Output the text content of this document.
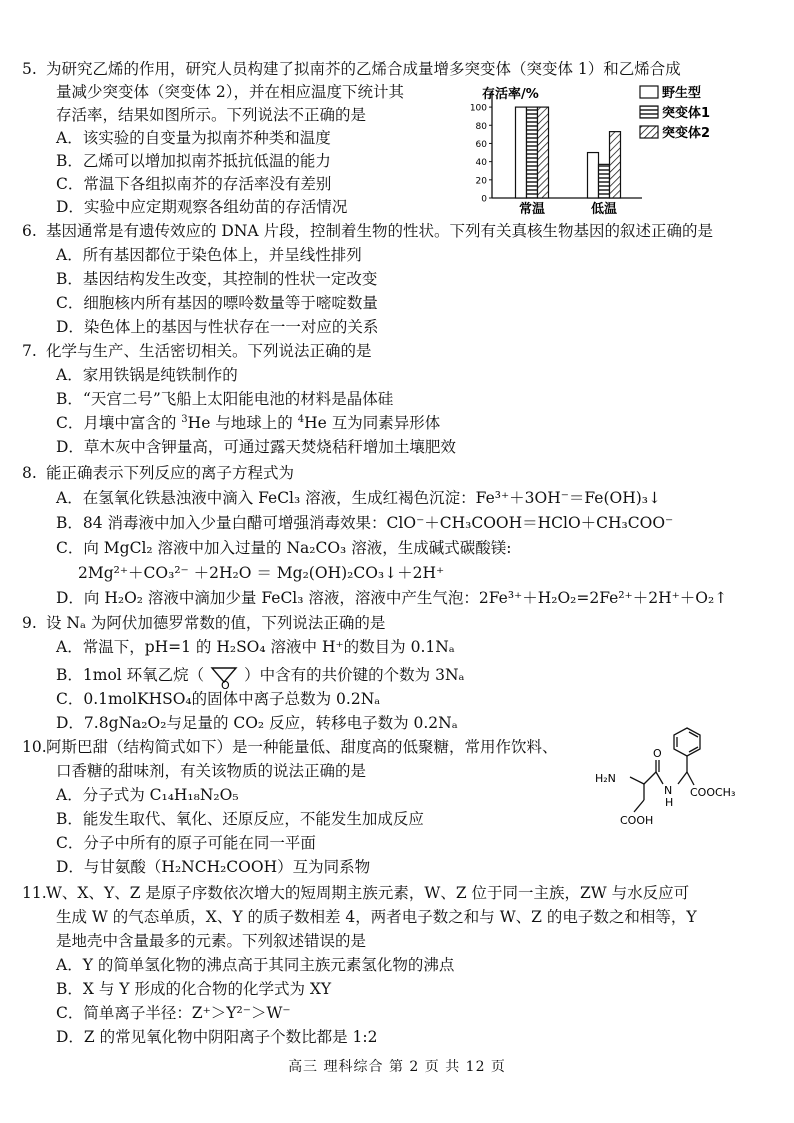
5. 为研究乙烯的作用，研究人员构建了拟南芥的乙烯合成量增多突变体（突变体 1）和乙烯合成
量减少突变体（突变体 2），并在相应温度下统计其
存活率，结果如图所示。下列说法不正确的是
A．该实验的自变量为拟南芥种类和温度
B．乙烯可以增加拟南芥抵抗低温的能力
C．常温下各组拟南芥的存活率没有差别
D．实验中应定期观察各组幼苗的存活情况
存活率/%
0
20
40
60
80
100
常温	低温
野生型
突变体1
突变体2
6. 基因通常是有遗传效应的 DNA 片段，控制着生物的性状。下列有关真核生物基因的叙述正确的是
A．所有基因都位于染色体上，并呈线性排列
B．基因结构发生改变，其控制的性状一定改变
C．细胞核内所有基因的嘌呤数量等于嘧啶数量
D．染色体上的基因与性状存在一一对应的关系
7. 化学与生产、生活密切相关。下列说法正确的是
A．家用铁锅是纯铁制作的
B．“天宫二号”飞船上太阳能电池的材料是晶体硅
C．月壤中富含的 $^3$He 与地球上的 $^4$He 互为同素异形体
D．草木灰中含钾量高，可通过露天焚烧秸秆增加土壤肥效
8. 能正确表示下列反应的离子方程式为
A．在氢氧化铁悬浊液中滴入 FeCl₃ 溶液，生成红褐色沉淀：Fe³⁺＋3OH⁻＝Fe(OH)₃↓
B．84 消毒液中加入少量白醋可增强消毒效果：ClO⁻＋CH₃COOH＝HClO＋CH₃COO⁻
C．向 MgCl₂ 溶液中加入过量的 Na₂CO₃ 溶液，生成碱式碳酸镁:
2Mg²⁺＋CO₃²⁻ ＋2H₂O ＝ Mg₂(OH)₂CO₃↓＋2H⁺
D．向 H₂O₂ 溶液中滴加少量 FeCl₃ 溶液，溶液中产生气泡：2Fe³⁺＋H₂O₂=2Fe²⁺＋2H⁺＋O₂↑
9. 设 Nₐ 为阿伏加德罗常数的值，下列说法正确的是
A．常温下，pH=1 的 H₂SO₄ 溶液中 H⁺的数目为 0.1Nₐ
B．1mol 环氧乙烷（
O
）中含有的共价键的个数为 3Nₐ
C．0.1molKHSO₄的固体中离子总数为 0.2Nₐ
D．7.8gNa₂O₂与足量的 CO₂ 反应，转移电子数为 0.2Nₐ
10. 阿斯巴甜（结构简式如下）是一种能量低、甜度高的低聚糖，常用作饮料、
口香糖的甜味剂，有关该物质的说法正确的是
A．分子式为 C₁₄H₁₈N₂O₅
B．能发生取代、氧化、还原反应，不能发生加成反应
C．分子中所有的原子可能在同一平面
D．与甘氨酸（H₂NCH₂COOH）互为同系物
H₂N
O
N
H
COOCH₃
COOH
11. W、X、Y、Z 是原子序数依次增大的短周期主族元素，W、Z 位于同一主族，ZW 与水反应可
生成 W 的气态单质，X、Y 的质子数相差 4，两者电子数之和与 W、Z 的电子数之和相等，Y
是地壳中含量最多的元素。下列叙述错误的是
A．Y 的简单氢化物的沸点高于其同主族元素氢化物的沸点
B．X 与 Y 形成的化合物的化学式为 XY
C．简单离子半径：Z⁺＞Y²⁻＞W⁻
D．Z 的常见氧化物中阴阳离子个数比都是 1:2
高三 理科综合 第 2 页 共 12 页
